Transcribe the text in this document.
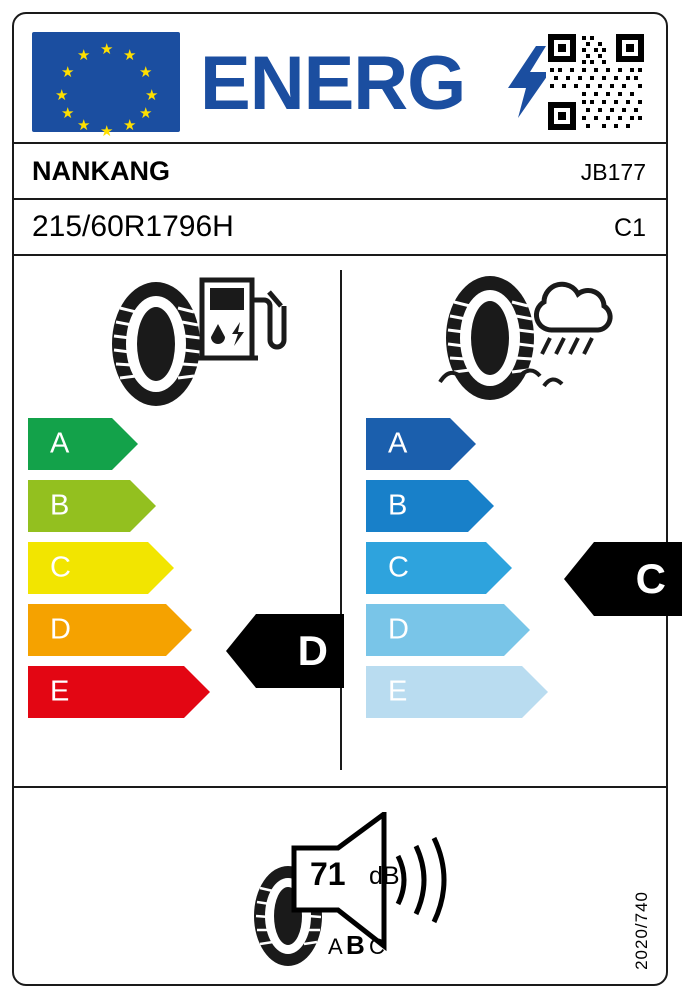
★ ★
★
★
★
★
★
★
★
★
★
★ ENERG
NANKANG	JB177
215/60R1796H	C1
A
B
C
D
E
A
B
C
D
E
D
C
71 dB
A B C	2020/740
